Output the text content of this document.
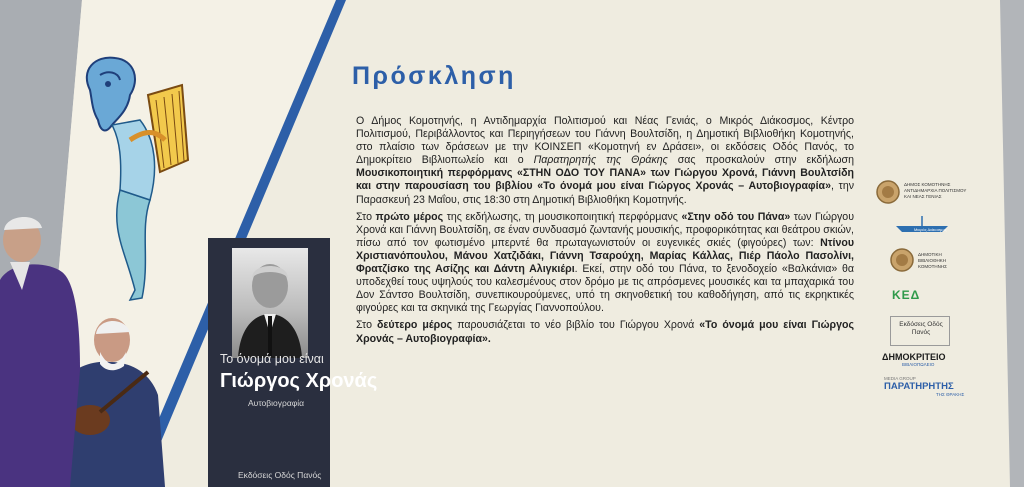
Το όνομά μου είναι
Γιώργος Χρονάς
Αυτοβιογραφία
Εκδόσεις Οδός Πανός
Πρόσκληση

Ο Δήμος Κομοτηνής, η Αντιδημαρχία Πολιτισμού και Νέας Γενιάς, ο Μικρός Διάκοσμος, Κέντρο Πολιτισμού, Περιβάλλοντος και Περιηγήσεων του Γιάννη Βουλτσίδη, η Δημοτική Βιβλιοθήκη Κομοτηνής, στο πλαίσιο των δράσεων με την ΚΟΙΝΣΕΠ «Κομοτηνή εν Δράσει», οι εκδόσεις Οδός Πανός, το Δημοκρίτειο Βιβλιοπωλείο και ο Παρατηρητής της Θράκης σας προσκαλούν στην εκδήλωση Μουσικοποιητική περφόρμανς «ΣΤΗΝ ΟΔΟ ΤΟΥ ΠΑΝΑ» των Γιώργου Χρονά, Γιάννη Βουλτσίδη και στην παρουσίαση του βιβλίου «Το όνομά μου είναι Γιώργος Χρονάς – Αυτοβιογραφία», την Παρασκευή 23 Μαΐου, στις 18:30 στη Δημοτική Βιβλιοθήκη Κομοτηνής.

Στο πρώτο μέρος της εκδήλωσης, τη μουσικοποιητική περφόρμανς «Στην οδό του Πάνα» των Γιώργου Χρονά και Γιάννη Βουλτσίδη, σε έναν συνδυασμό ζωντανής μουσικής, προφορικότητας και θεάτρου σκιών, πίσω από τον φωτισμένο μπερντέ θα πρωταγωνιστούν οι ευγενικές σκιές (φιγούρες) των: Ντίνου Χριστιανόπουλου, Μάνου Χατζιδάκι, Γιάννη Τσαρούχη, Μαρίας Κάλλας, Πιέρ Πάολο Πασολίνι, Φρατζίσκο της Ασίζης και Δάντη Αλιγκιέρι. Εκεί, στην οδό του Πάνα, το ξενοδοχείο «Βαλκάνια» θα υποδεχθεί τους υψηλούς του καλεσμένους στον δρόμο με τις απρόσμενες μουσικές και τα μπαχαρικά του Δον Σάντσο Βουλτσίδη, συνεπικουρούμενες, υπό τη σκηνοθετική του καθοδήγηση, από τις εκρηκτικές φιγούρες και τα σκηνικά της Γεωργίας Γιαννοπούλου.

Στο δεύτερο μέρος παρουσιάζεται το νέο βιβλίο του Γιώργου Χρονά «Το όνομά μου είναι Γιώργος Χρονάς – Αυτοβιογραφία».

ΔΗΜΟΣ ΚΟΜΟΤΗΝΗΣ ΑΝΤΙΔΗΜΑΡΧΙΑ ΠΟΛΙΤΙΣΜΟΥ ΚΑΙ ΝΕΑΣ ΓΕΝΙΑΣ
Μικρός Διάκοσμος
ΔΗΜΟΤΙΚΗ ΒΙΒΛΙΟΘΗΚΗ ΚΟΜΟΤΗΝΗΣ
ΚΕΔ
Εκδόσεις Οδός Πανός
ΔΗΜΟΚΡΙΤΕΙΟ
ΒΙΒΛΙΟΠΩΛΕΙΟ
MEDIA GROUP
ΠΑΡΑΤΗΡΗΤΗΣ
ΤΗΣ ΘΡΑΚΗΣ
